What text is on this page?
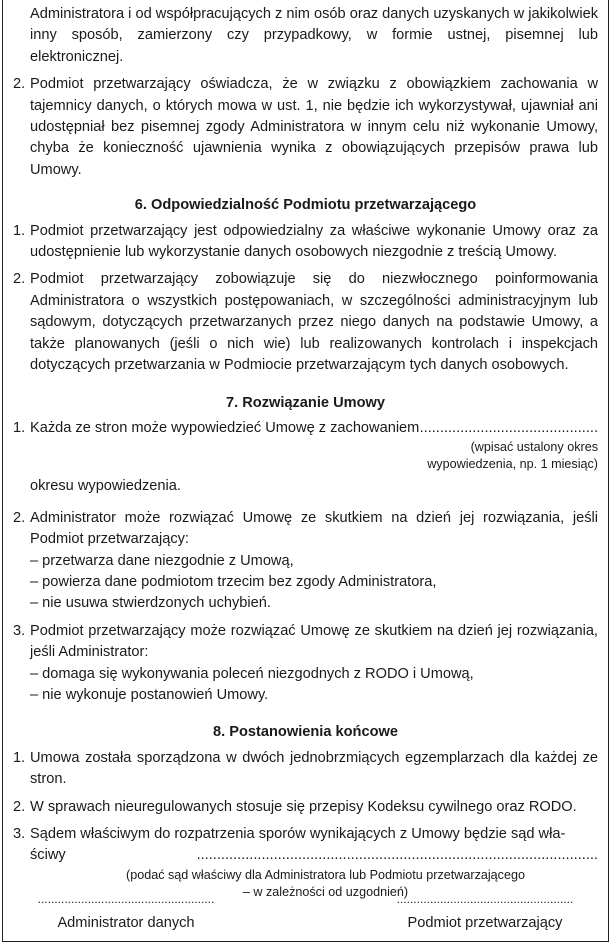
Administratora i od współpracujących z nim osób oraz danych uzyskanych w jakikolwiek inny sposób, zamierzony czy przypadkowy, w formie ustnej, pisemnej lub elektronicznej.
2. Podmiot przetwarzający oświadcza, że w związku z obowiązkiem zachowania w tajemnicy danych, o których mowa w ust. 1, nie będzie ich wykorzystywał, ujawniał ani udostępniał bez pisemnej zgody Administratora w innym celu niż wykonanie Umowy, chyba że konieczność ujawnienia wynika z obowiązujących przepisów prawa lub Umowy.
6. Odpowiedzialność Podmiotu przetwarzającego
1. Podmiot przetwarzający jest odpowiedzialny za właściwe wykonanie Umowy oraz za udostępnienie lub wykorzystanie danych osobowych niezgodnie z treścią Umowy.
2. Podmiot przetwarzający zobowiązuje się do niezwłocznego poinformowania Administratora o wszystkich postępowaniach, w szczególności administracyjnym lub sądowym, dotyczących przetwarzanych przez niego danych na podstawie Umowy, a także planowanych (jeśli o nich wie) lub realizowanych kontrolach i inspekcjach dotyczących przetwarzania w Podmiocie przetwarzającym tych danych osobowych.
7. Rozwiązanie Umowy
1. Każda ze stron może wypowiedzieć Umowę z zachowaniem ............................................
(wpisać ustalony okres
wypowiedzenia, np. 1 miesiąc)
okresu wypowiedzenia.
2. Administrator może rozwiązać Umowę ze skutkiem na dzień jej rozwiązania, jeśli Podmiot przetwarzający:
– przetwarza dane niezgodnie z Umową,
– powierza dane podmiotom trzecim bez zgody Administratora,
– nie usuwa stwierdzonych uchybień.
3. Podmiot przetwarzający może rozwiązać Umowę ze skutkiem na dzień jej rozwiązania, jeśli Administrator:
– domaga się wykonywania poleceń niezgodnych z RODO i Umową,
– nie wykonuje postanowień Umowy.
8. Postanowienia końcowe
1. Umowa została sporządzona w dwóch jednobrzmiących egzemplarzach dla każdej ze stron.
2. W sprawach nieuregulowanych stosuje się przepisy Kodeksu cywilnego oraz RODO.
3. Sądem właściwym do rozpatrzenia sporów wynikających z Umowy będzie sąd wła-
ściwy	...................................................................................................
(podać sąd właściwy dla Administratora lub Podmiotu przetwarzającego
– w zależności od uzgodnień)
.....................................................
Administrator danych
.....................................................
Podmiot przetwarzający
